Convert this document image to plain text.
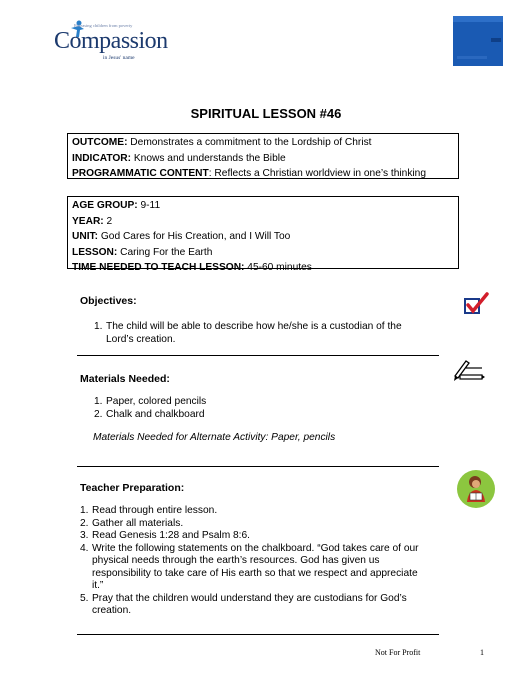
Releasing children from poverty
Compassion
in Jesus' name
SPIRITUAL LESSON #46
OUTCOME: Demonstrates a commitment to the Lordship of Christ
INDICATOR: Knows and understands the Bible
PROGRAMMATIC CONTENT: Reflects a Christian worldview in one’s thinking
AGE GROUP: 9-11
YEAR: 2
UNIT: God Cares for His Creation, and I Will Too
LESSON: Caring For the Earth
TIME NEEDED TO TEACH LESSON: 45-60 minutes
Objectives:
1. The child will be able to describe how he/she is a custodian of the Lord’s creation.
Materials Needed:
1. Paper, colored pencils
2. Chalk and chalkboard
Materials Needed for Alternate Activity: Paper, pencils
Teacher Preparation:
1. Read through entire lesson.
2. Gather all materials.
3. Read Genesis 1:28 and Psalm 8:6.
4. Write the following statements on the chalkboard. “God takes care of our physical needs through the earth’s resources. God has given us responsibility to take care of His earth so that we respect and appreciate it.”
5. Pray that the children would understand they are custodians for God’s creation.
Not For Profit	1
